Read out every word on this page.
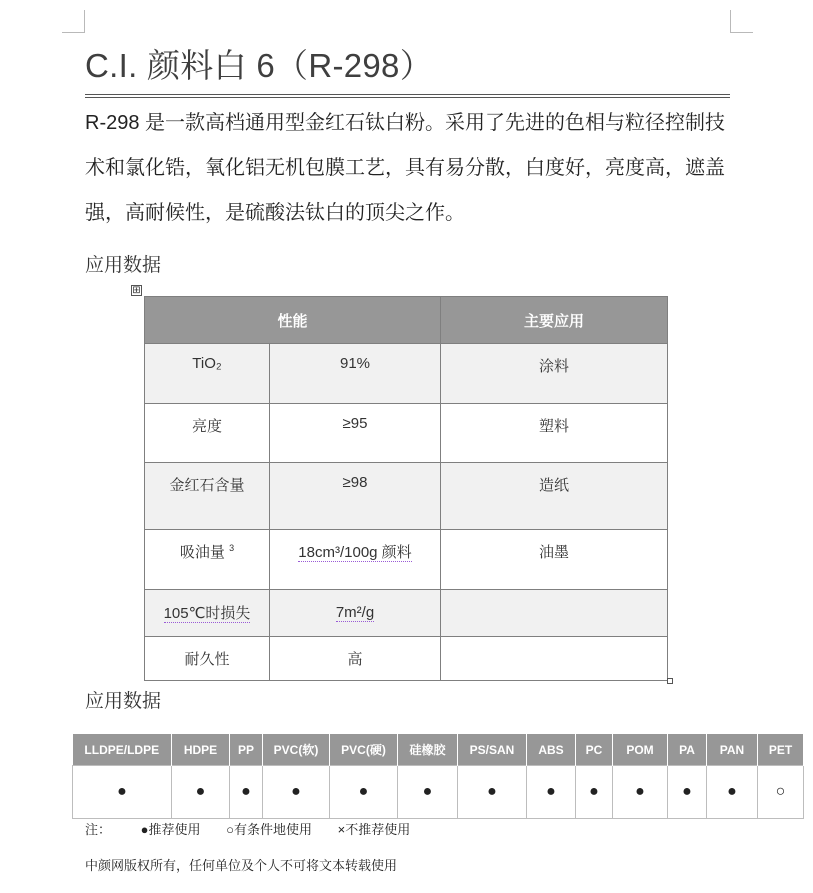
C.I. 颜料白 6（R-298）
R-298 是一款高档通用型金红石钛白粉。采用了先进的色相与粒径控制技术和氯化锆，氧化铝无机包膜工艺，具有易分散，白度好，亮度高，遮盖强，高耐候性，是硫酸法钛白的顶尖之作。
应用数据
⊞
性能		主要应用
TiO₂	91%	涂料
亮度	≥95	塑料
金红石含量	≥98	造纸
吸油量 $^3$	18cm³/100g 颜料	油墨
105℃时损失	7m²/g	
耐久性	高	
应用数据
LLDPE/LDPE	HDPE	PP	PVC(软)	PVC(硬)	硅橡胶	PS/SAN	ABS	PC	POM	PA	PAN	PET
●	●	●	●	●	●	●	●	●	●	●	●	○
注： ●推荐使用 ○有条件地使用 ×不推荐使用
中颜网版权所有，任何单位及个人不可将文本转载使用
